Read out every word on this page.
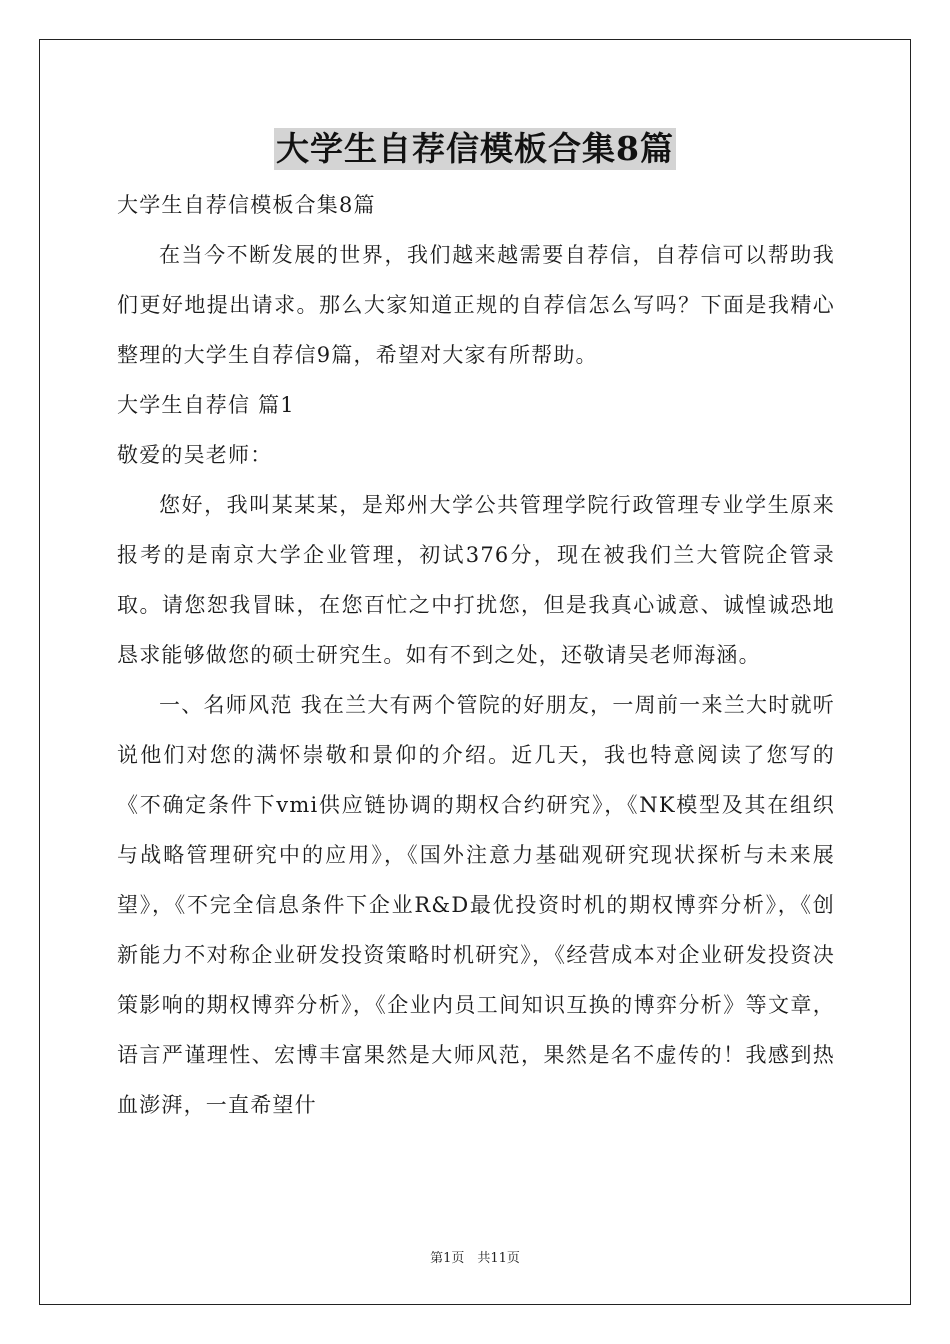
大学生自荐信模板合集8篇
大学生自荐信模板合集8篇

在当今不断发展的世界，我们越来越需要自荐信，自荐信可以帮助我们更好地提出请求。那么大家知道正规的自荐信怎么写吗？下面是我精心整理的大学生自荐信9篇，希望对大家有所帮助。

大学生自荐信 篇1
敬爱的吴老师：

您好，我叫某某某，是郑州大学公共管理学院行政管理专业学生原来报考的是南京大学企业管理，初试376分，现在被我们兰大管院企管录取。请您恕我冒昧，在您百忙之中打扰您，但是我真心诚意、诚惶诚恐地恳求能够做您的硕士研究生。如有不到之处，还敬请吴老师海涵。

一、名师风范 我在兰大有两个管院的好朋友，一周前一来兰大时就听说他们对您的满怀崇敬和景仰的介绍。近几天，我也特意阅读了您写的《不确定条件下vmi供应链协调的期权合约研究》，《NK模型及其在组织与战略管理研究中的应用》，《国外注意力基础观研究现状探析与未来展望》，《不完全信息条件下企业R&D最优投资时机的期权博弈分析》，《创新能力不对称企业研发投资策略时机研究》，《经营成本对企业研发投资决策影响的期权博弈分析》，《企业内员工间知识互换的博弈分析》等文章，语言严谨理性、宏博丰富果然是大师风范，果然是名不虚传的！我感到热血澎湃，一直希望什

第1页　共11页
